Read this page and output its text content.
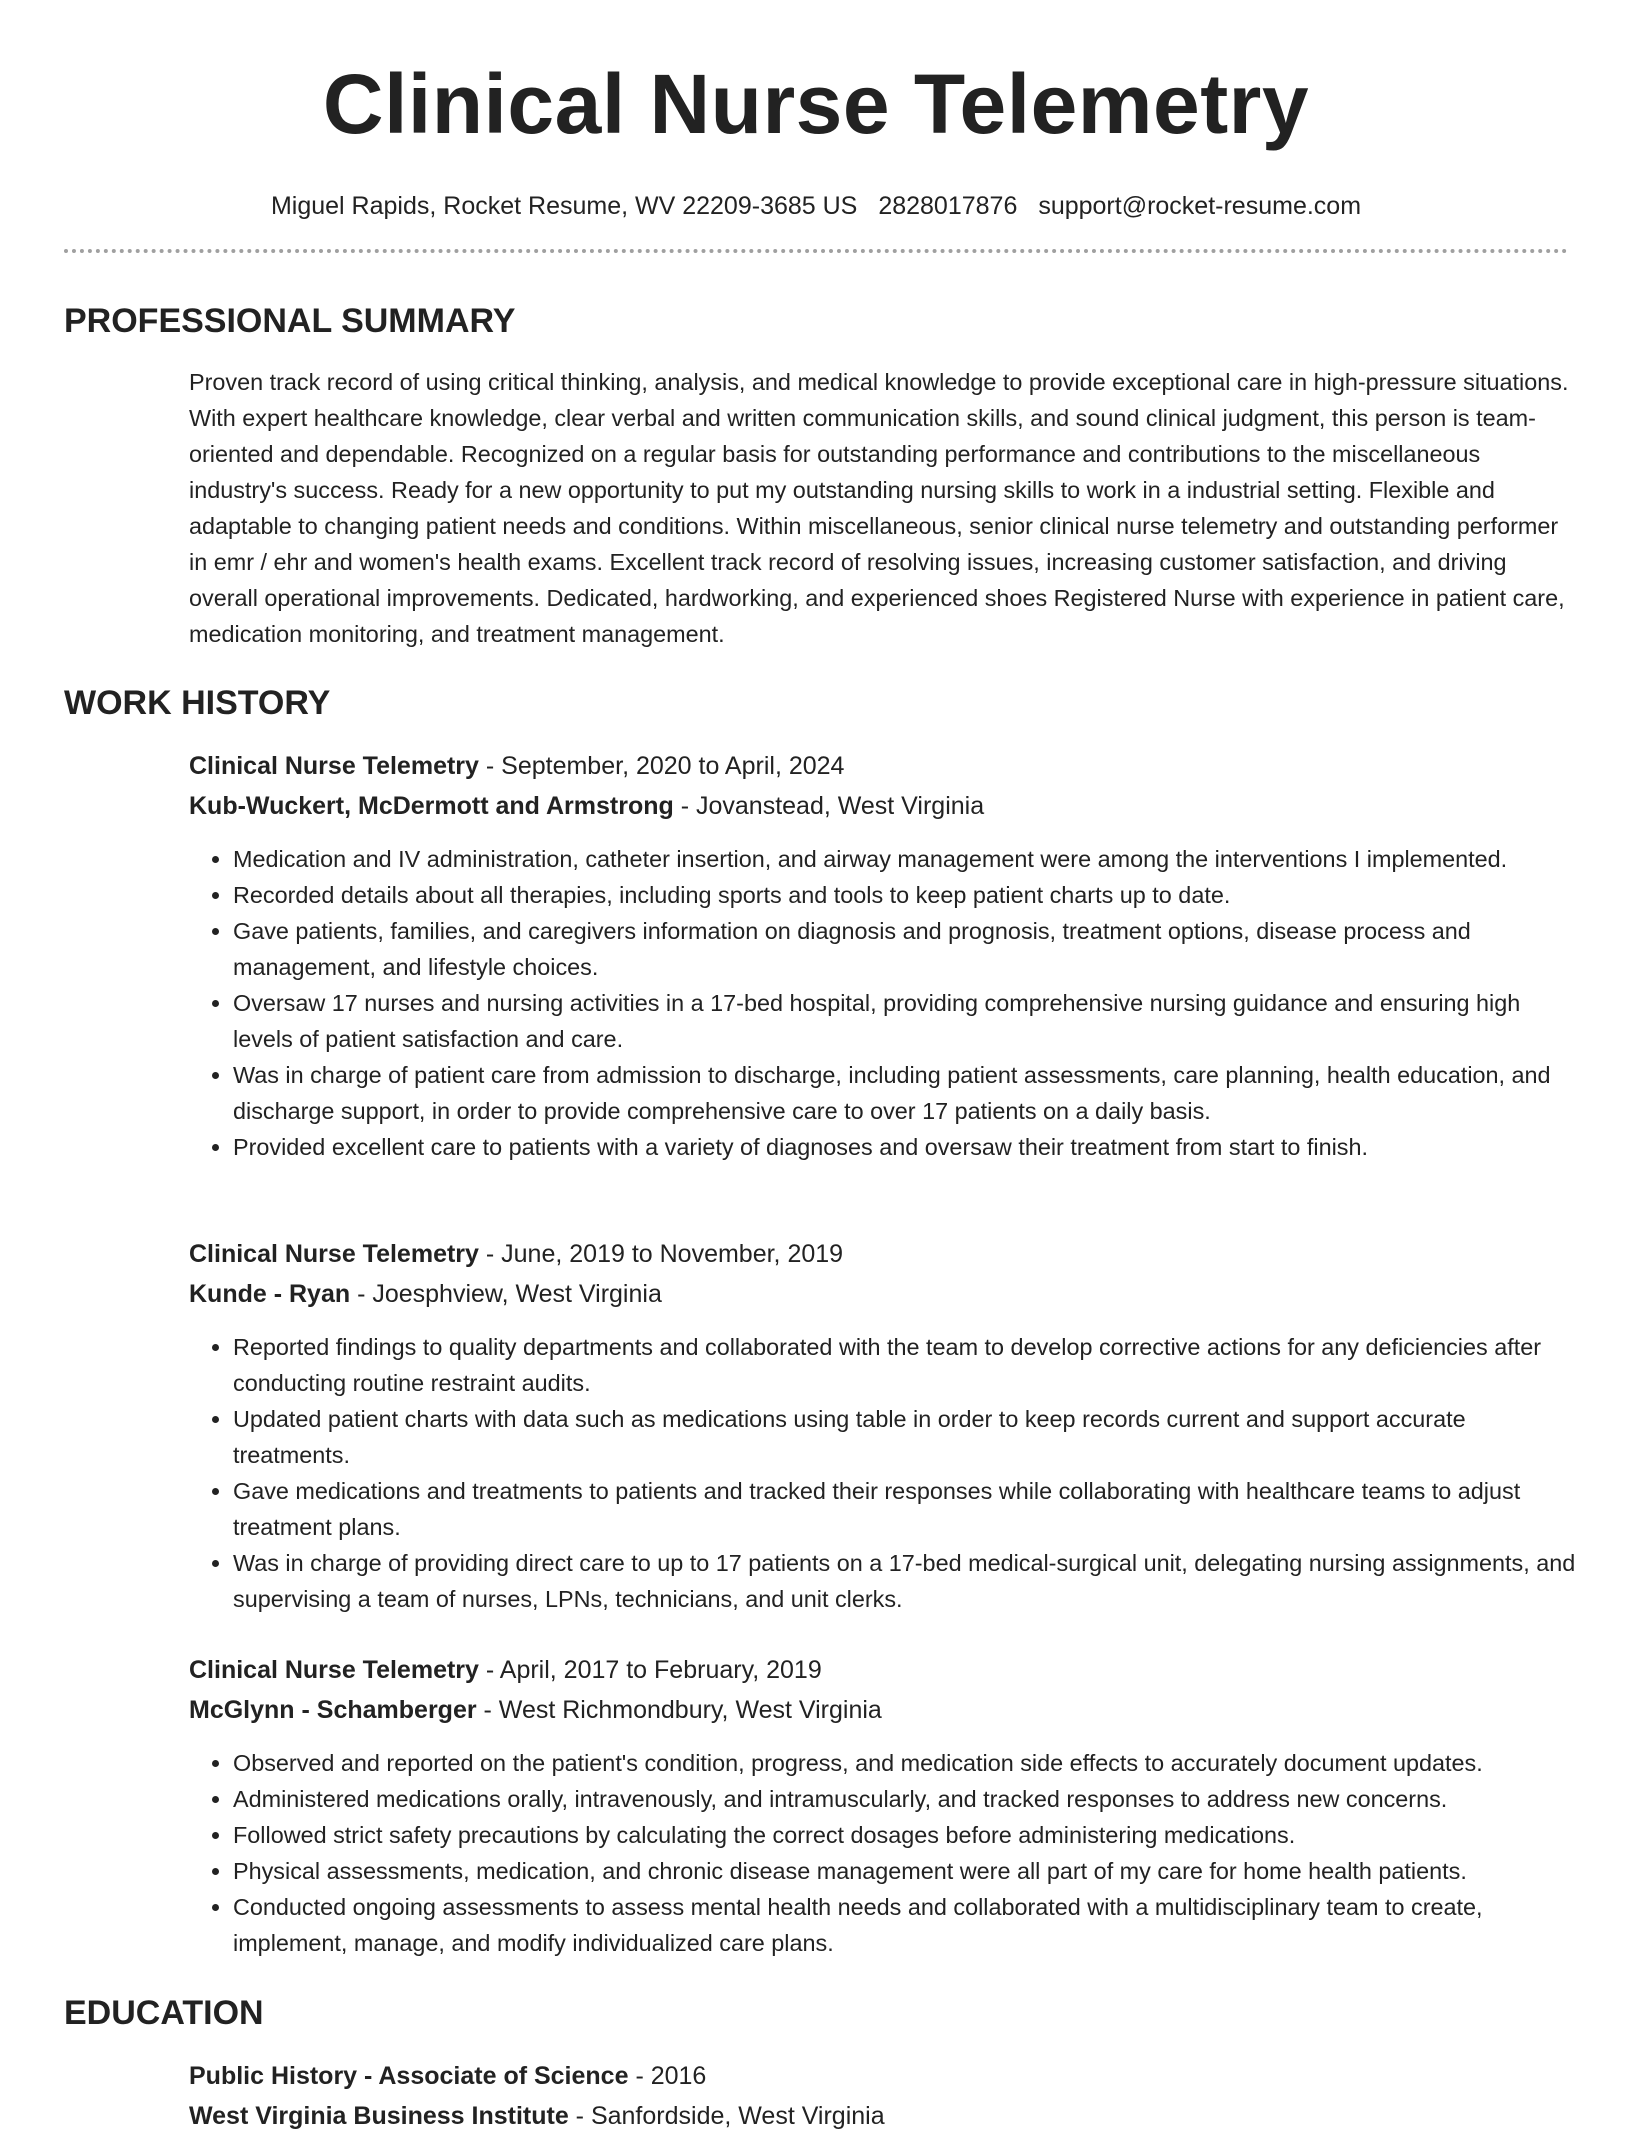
Clinical Nurse Telemetry
Miguel Rapids, Rocket Resume, WV 22209-3685 US 2828017876 support@rocket-resume.com
PROFESSIONAL SUMMARY

Proven track record of using critical thinking, analysis, and medical knowledge to provide exceptional care in high-pressure situations. With expert healthcare knowledge, clear verbal and written communication skills, and sound clinical judgment, this person is team-oriented and dependable. Recognized on a regular basis for outstanding performance and contributions to the miscellaneous industry's success. Ready for a new opportunity to put my outstanding nursing skills to work in a industrial setting. Flexible and adaptable to changing patient needs and conditions. Within miscellaneous, senior clinical nurse telemetry and outstanding performer in emr / ehr and women's health exams. Excellent track record of resolving issues, increasing customer satisfaction, and driving overall operational improvements. Dedicated, hardworking, and experienced shoes Registered Nurse with experience in patient care, medication monitoring, and treatment management.

WORK HISTORY

Clinical Nurse Telemetry - September, 2020 to April, 2024

Kub-Wuckert, McDermott and Armstrong - Jovanstead, West Virginia

• Medication and IV administration, catheter insertion, and airway management were among the interventions I implemented.
• Recorded details about all therapies, including sports and tools to keep patient charts up to date.
• Gave patients, families, and caregivers information on diagnosis and prognosis, treatment options, disease process and management, and lifestyle choices.
• Oversaw 17 nurses and nursing activities in a 17-bed hospital, providing comprehensive nursing guidance and ensuring high levels of patient satisfaction and care.
• Was in charge of patient care from admission to discharge, including patient assessments, care planning, health education, and discharge support, in order to provide comprehensive care to over 17 patients on a daily basis.
• Provided excellent care to patients with a variety of diagnoses and oversaw their treatment from start to finish.

Clinical Nurse Telemetry - June, 2019 to November, 2019

Kunde - Ryan - Joesphview, West Virginia

• Reported findings to quality departments and collaborated with the team to develop corrective actions for any deficiencies after conducting routine restraint audits.
• Updated patient charts with data such as medications using table in order to keep records current and support accurate treatments.
• Gave medications and treatments to patients and tracked their responses while collaborating with healthcare teams to adjust treatment plans.
• Was in charge of providing direct care to up to 17 patients on a 17-bed medical-surgical unit, delegating nursing assignments, and supervising a team of nurses, LPNs, technicians, and unit clerks.

Clinical Nurse Telemetry - April, 2017 to February, 2019

McGlynn - Schamberger - West Richmondbury, West Virginia

• Observed and reported on the patient's condition, progress, and medication side effects to accurately document updates.
• Administered medications orally, intravenously, and intramuscularly, and tracked responses to address new concerns.
• Followed strict safety precautions by calculating the correct dosages before administering medications.
• Physical assessments, medication, and chronic disease management were all part of my care for home health patients.
• Conducted ongoing assessments to assess mental health needs and collaborated with a multidisciplinary team to create, implement, manage, and modify individualized care plans.
EDUCATION

Public History - Associate of Science - 2016

West Virginia Business Institute - Sanfordside, West Virginia
